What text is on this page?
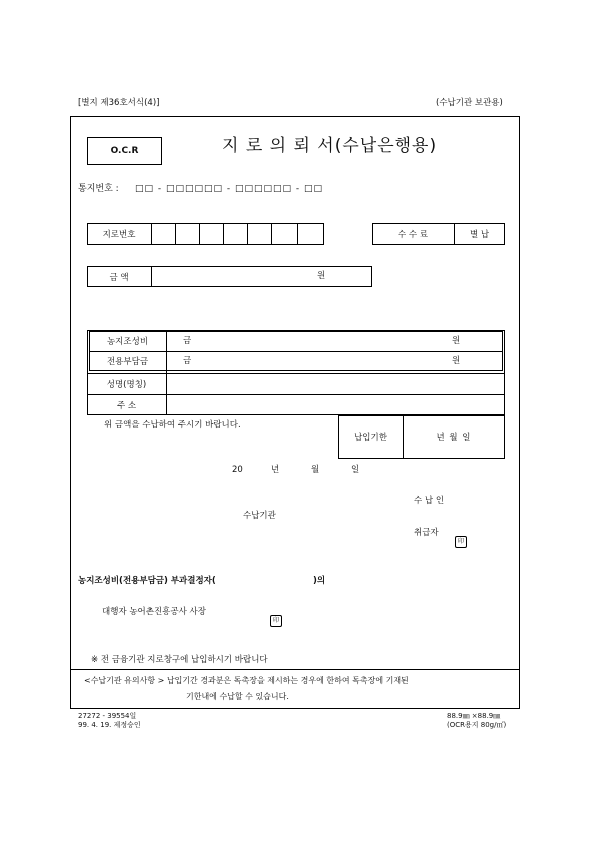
[별지 제36호서식(4)]	(수납기관 보관용)
O.C.R	지 로 의 뢰 서(수납은행용)
통지번호 : □□ - □□□□□□ - □□□□□□ - □□
지로번호	수 수 료	별 납
금 액	원
농지조성비	금	원
전용부담금	금	원
성명(명칭)
주 소
위 금액을 수납하여 주시기 바랍니다.
납입기한	년 월 일
20	년	월	일
수 납 인
수납기관
취급자
印
농지조성비(전용부담금) 부과결정자(	)의
대행자 농어촌진흥공사 사장
印
※ 전 금융기관 지로창구에 납입하시기 바랍니다
<수납기관 유의사항 > 납입기간 경과분은 독촉장을 제시하는 경우에 한하여 독촉장에 기재된
기한내에 수납할 수 있습니다.
27272 - 39554일
99. 4. 19. 제정승인
88.9㎜ ×88.9㎜
(OCR용지 80g/㎡)
